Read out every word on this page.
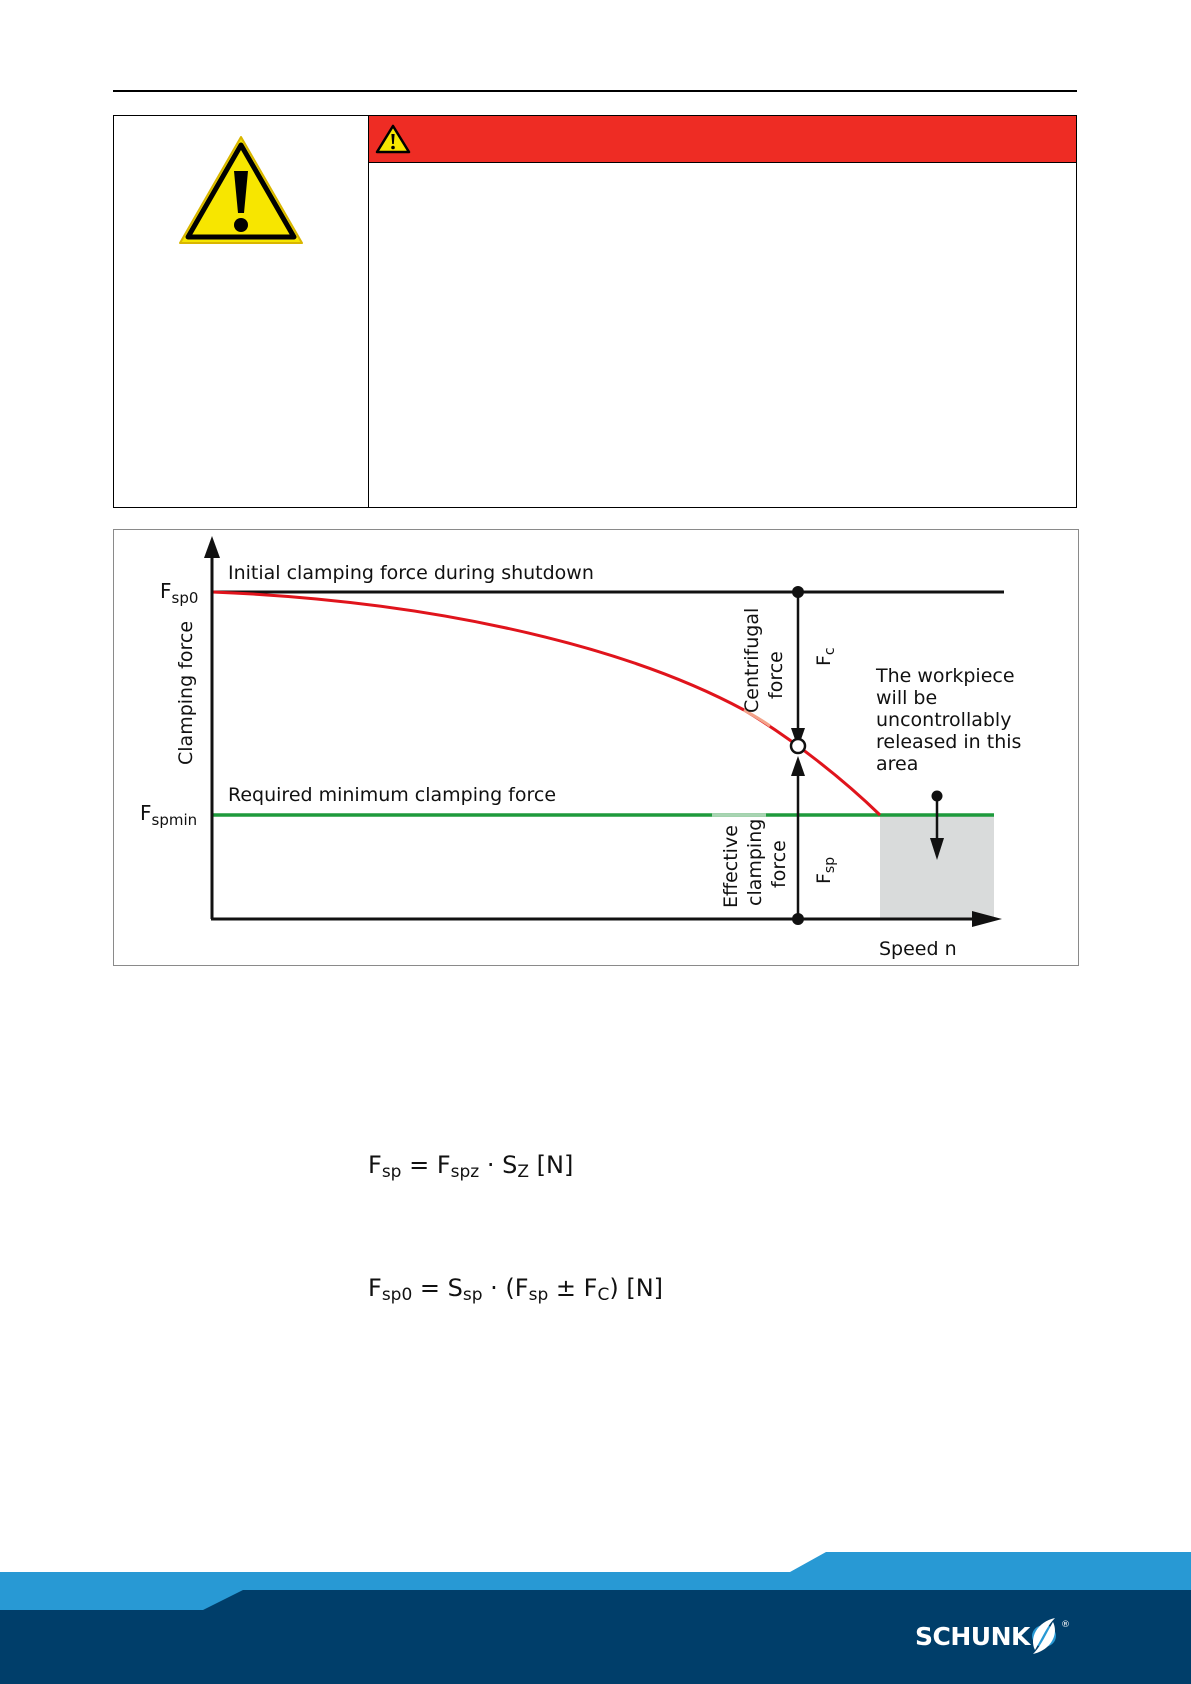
$F_{sp0}$
$F_{spmin}$
Clamping force
Speed n
Initial clamping force during shutdown
Required minimum clamping force
Centrifugal force $F_c$
Effective clamping force $F_{sp}$
The workpiece
will be
uncontrollably
released in this
area
$F_{sp} = F_{spz} \cdot S_Z$ [N]
$F_{sp0} = S_{sp} \cdot (F_{sp} \pm F_C)$ [N]
SCHUNK	®
